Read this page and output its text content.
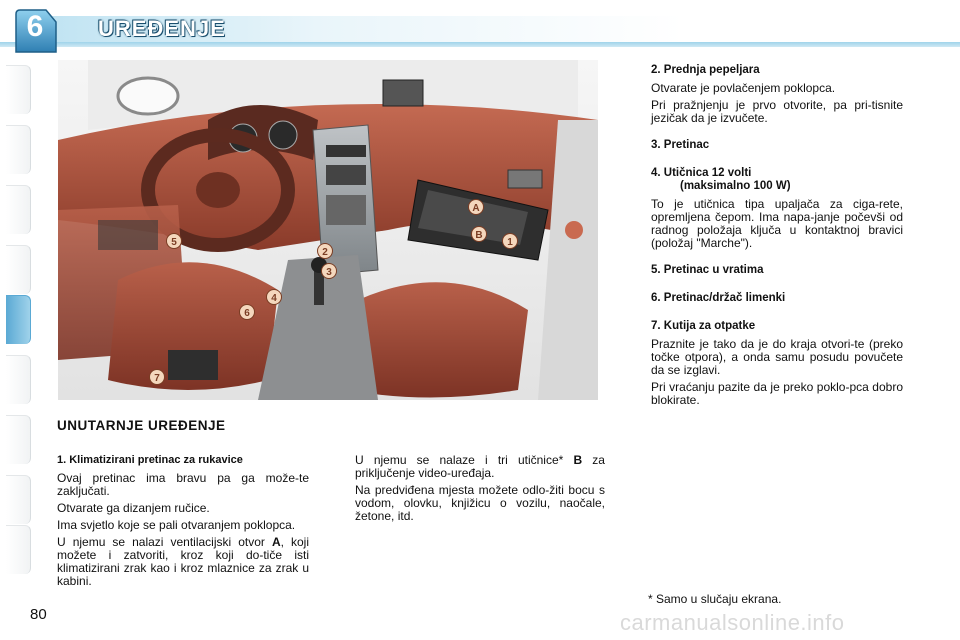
6	UREĐENJE
A
B
1
2
3
4
5
6
7
UNUTARNJE UREĐENJE
1. Klimatizirani pretinac za rukavice

Ovaj pretinac ima bravu pa ga može-te zaključati.

Otvarate ga dizanjem ručice.

Ima svjetlo koje se pali otvaranjem poklopca.

U njemu se nalazi ventilacijski otvor A, koji možete i zatvoriti, kroz koji do-tiče isti klimatizirani zrak kao i kroz mlaznice za zrak u kabini.

U njemu se nalaze i tri utičnice* B za priključenje video-uređaja.

Na predviđena mjesta možete odlo-žiti bocu s vodom, olovku, knjižicu o vozilu, naočale, žetone, itd.

2. Prednja pepeljara

Otvarate je povlačenjem poklopca.

Pri pražnjenju je prvo otvorite, pa pri-tisnite jezičak da je izvučete.

3. Pretinac
4. Utičnica 12 volti
(maksimalno 100 W)

To je utičnica tipa upaljača za ciga-rete, opremljena čepom. Ima napa-janje počevši od radnog položaja ključa u kontaktnoj bravici (položaj "Marche").

5. Pretinac u vratima
6. Pretinac/držač limenki
7. Kutija za otpatke

Praznite je tako da je do kraja otvori-te (preko točke otpora), a onda samu posudu povučete da se izglavi.

Pri vraćanju pazite da je preko poklo-pca dobro blokirate.

* Samo u slučaju ekrana.
80	carmanualsonline.info
